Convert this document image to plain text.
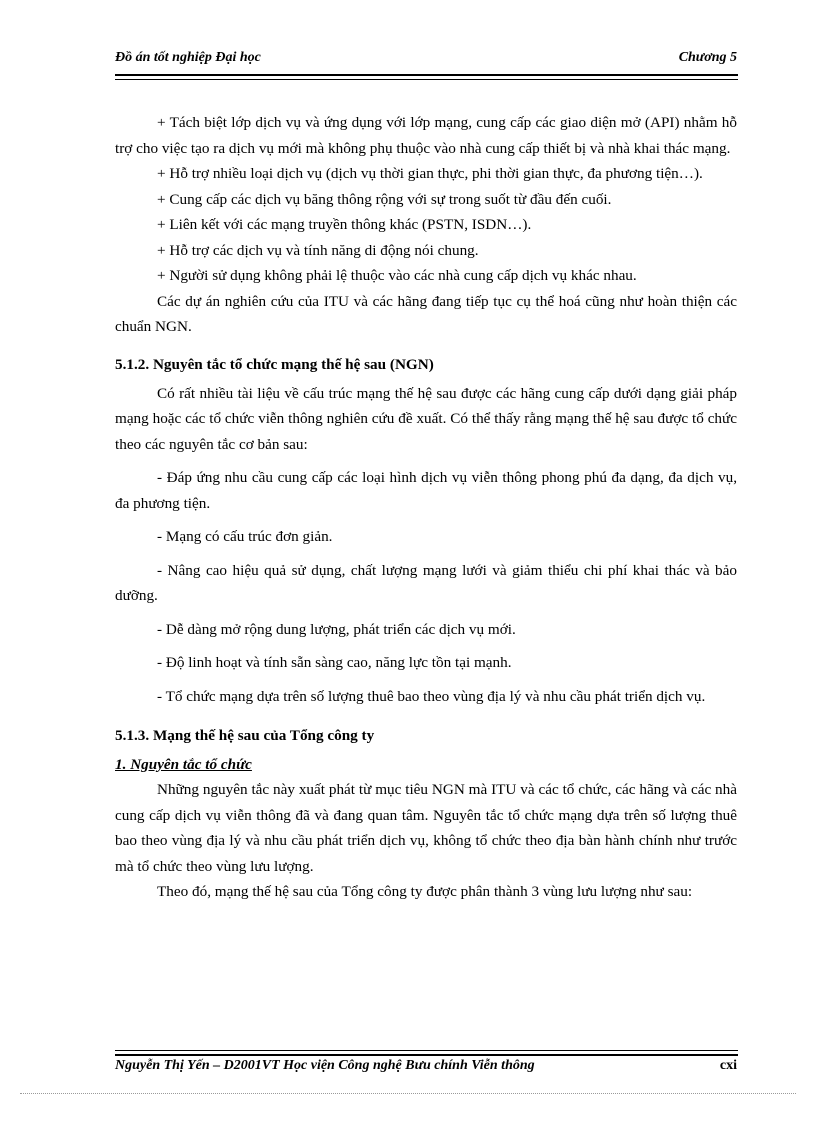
Đồ án tốt nghiệp Đại học	Chương 5

+ Tách biệt lớp dịch vụ và ứng dụng với lớp mạng, cung cấp các giao diện mở (API) nhằm hỗ trợ cho việc tạo ra dịch vụ mới mà không phụ thuộc vào nhà cung cấp thiết bị và nhà khai thác mạng.

+ Hỗ trợ nhiều loại dịch vụ (dịch vụ thời gian thực, phi thời gian thực, đa phương tiện…).

+ Cung cấp các dịch vụ băng thông rộng với sự trong suốt từ đầu đến cuối.

+ Liên kết với các mạng truyền thông khác (PSTN, ISDN…).

+ Hỗ trợ các dịch vụ và tính năng di động nói chung.

+ Người sử dụng không phải lệ thuộc vào các nhà cung cấp dịch vụ khác nhau.

Các dự án nghiên cứu của ITU và các hãng đang tiếp tục cụ thể hoá cũng như hoàn thiện các chuẩn NGN.

5.1.2. Nguyên tắc tổ chức mạng thế hệ sau (NGN)

Có rất nhiều tài liệu về cấu trúc mạng thế hệ sau được các hãng cung cấp dưới dạng giải pháp mạng hoặc các tổ chức viễn thông nghiên cứu đề xuất. Có thể thấy rằng mạng thế hệ sau được tổ chức theo các nguyên tắc cơ bản sau:

- Đáp ứng nhu cầu cung cấp các loại hình dịch vụ viễn thông phong phú đa dạng, đa dịch vụ, đa phương tiện.

- Mạng có cấu trúc đơn giản.

- Nâng cao hiệu quả sử dụng, chất lượng mạng lưới và giảm thiểu chi phí khai thác và bảo dưỡng.

- Dễ dàng mở rộng dung lượng, phát triển các dịch vụ mới.

- Độ linh hoạt và tính sẵn sàng cao, năng lực tồn tại mạnh.

- Tổ chức mạng dựa trên số lượng thuê bao theo vùng địa lý và nhu cầu phát triển dịch vụ.

5.1.3. Mạng thế hệ sau của Tổng công ty

1. Nguyên tắc tổ chức

Những nguyên tắc này xuất phát từ mục tiêu NGN mà ITU và các tổ chức, các hãng và các nhà cung cấp dịch vụ viễn thông đã và đang quan tâm. Nguyên tắc tổ chức mạng dựa trên số lượng thuê bao theo vùng địa lý và nhu cầu phát triển dịch vụ, không tổ chức theo địa bàn hành chính như trước mà tổ chức theo vùng lưu lượng.

Theo đó, mạng thế hệ sau của Tổng công ty được phân thành 3 vùng lưu lượng như sau:

Nguyễn Thị Yến – D2001VT Học viện Công nghệ Bưu chính Viễn thông	cxi
